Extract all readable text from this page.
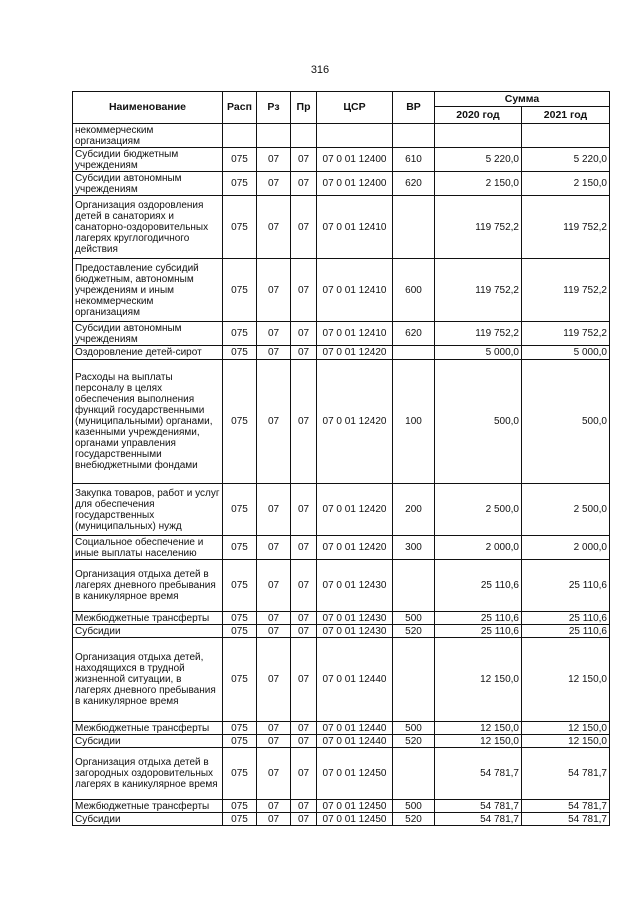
316
Наименование	Расп	Рз	Пр	ЦСР	ВР	Сумма	
						2020 год	2021 год
некоммерческим организациям							
Субсидии бюджетным учреждениям	075	07	07	07 0 01 12400	610	5 220,0	5 220,0
Субсидии автономным учреждениям	075	07	07	07 0 01 12400	620	2 150,0	2 150,0
Организация оздоровления детей в санаториях и санаторно-оздоровительных лагерях круглогодичного действия	075	07	07	07 0 01 12410		119 752,2	119 752,2
Предоставление субсидий бюджетным, автономным учреждениям и иным некоммерческим организациям	075	07	07	07 0 01 12410	600	119 752,2	119 752,2
Субсидии автономным учреждениям	075	07	07	07 0 01 12410	620	119 752,2	119 752,2
Оздоровление детей-сирот	075	07	07	07 0 01 12420		5 000,0	5 000,0
Расходы на выплаты персоналу в целях обеспечения выполнения функций государственными (муниципальными) органами, казенными учреждениями, органами управления государственными внебюджетными фондами	075	07	07	07 0 01 12420	100	500,0	500,0
Закупка товаров, работ и услуг для обеспечения государственных (муниципальных) нужд	075	07	07	07 0 01 12420	200	2 500,0	2 500,0
Социальное обеспечение и иные выплаты населению	075	07	07	07 0 01 12420	300	2 000,0	2 000,0
Организация отдыха детей в лагерях дневного пребывания в каникулярное время	075	07	07	07 0 01 12430		25 110,6	25 110,6
Межбюджетные трансферты	075	07	07	07 0 01 12430	500	25 110,6	25 110,6
Субсидии	075	07	07	07 0 01 12430	520	25 110,6	25 110,6
Организация отдыха детей, находящихся в трудной жизненной ситуации, в лагерях дневного пребывания в каникулярное время	075	07	07	07 0 01 12440		12 150,0	12 150,0
Межбюджетные трансферты	075	07	07	07 0 01 12440	500	12 150,0	12 150,0
Субсидии	075	07	07	07 0 01 12440	520	12 150,0	12 150,0
Организация отдыха детей в загородных оздоровительных лагерях в каникулярное время	075	07	07	07 0 01 12450		54 781,7	54 781,7
Межбюджетные трансферты	075	07	07	07 0 01 12450	500	54 781,7	54 781,7
Субсидии	075	07	07	07 0 01 12450	520	54 781,7	54 781,7
